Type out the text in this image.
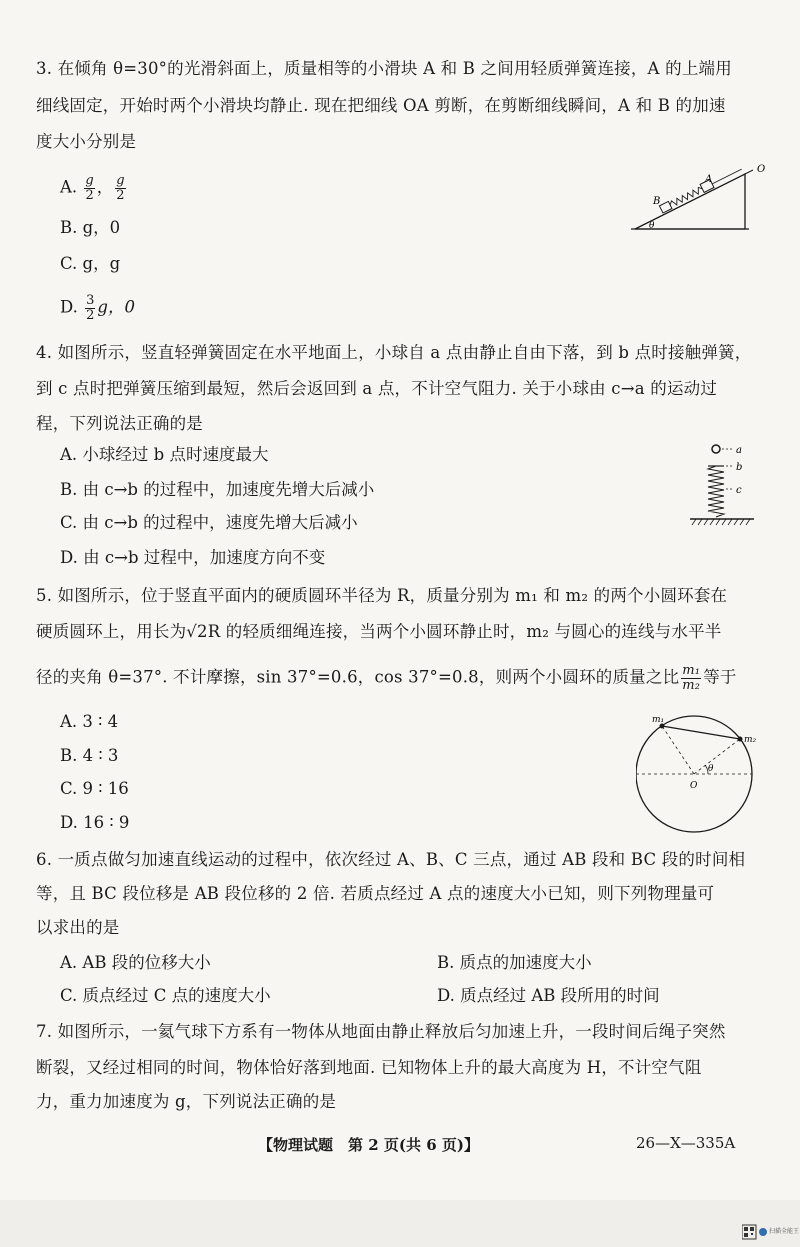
3. 在倾角 θ=30°的光滑斜面上，质量相等的小滑块 A 和 B 之间用轻质弹簧连接，A 的上端用
细线固定，开始时两个小滑块均静止. 现在把细线 OA 剪断，在剪断细线瞬间，A 和 B 的加速
度大小分别是
A. $\frac{g}{2}$ ， $\frac{g}{2}$
B. g，0
C. g，g
D. $\frac{3}{2}$ g，0
B
A
O
θ
4. 如图所示，竖直轻弹簧固定在水平地面上，小球自 a 点由静止自由下落，到 b 点时接触弹簧，
到 c 点时把弹簧压缩到最短，然后会返回到 a 点，不计空气阻力. 关于小球由 c→a 的运动过
程，下列说法正确的是
A. 小球经过 b 点时速度最大
B. 由 c→b 的过程中，加速度先增大后减小
C. 由 c→b 的过程中，速度先增大后减小
D. 由 c→b 过程中，加速度方向不变
a
b
c
5. 如图所示，位于竖直平面内的硬质圆环半径为 R，质量分别为 m₁ 和 m₂ 的两个小圆环套在
硬质圆环上，用长为√2R 的轻质细绳连接，当两个小圆环静止时，m₂ 与圆心的连线与水平半
径的夹角 θ=37°. 不计摩擦，sin 37°=0.6，cos 37°=0.8，则两个小圆环的质量之比 $\frac{\text{m₁}}{\text{m₂}}$ 等于
A. 3 ∶ 4
B. 4 ∶ 3
C. 9 ∶ 16
D. 16 ∶ 9
m₁
m₂
O
θ
6. 一质点做匀加速直线运动的过程中，依次经过 A、B、C 三点，通过 AB 段和 BC 段的时间相
等，且 BC 段位移是 AB 段位移的 2 倍. 若质点经过 A 点的速度大小已知，则下列物理量可
以求出的是
A. AB 段的位移大小	B. 质点的加速度大小
C. 质点经过 C 点的速度大小	D. 质点经过 AB 段所用的时间
7. 如图所示，一氦气球下方系有一物体从地面由静止释放后匀加速上升，一段时间后绳子突然
断裂，又经过相同的时间，物体恰好落到地面. 已知物体上升的最大高度为 H，不计空气阻
力，重力加速度为 g，下列说法正确的是
【物理试题　第 2 页(共 6 页)】	26—X—335A
扫描全能王
